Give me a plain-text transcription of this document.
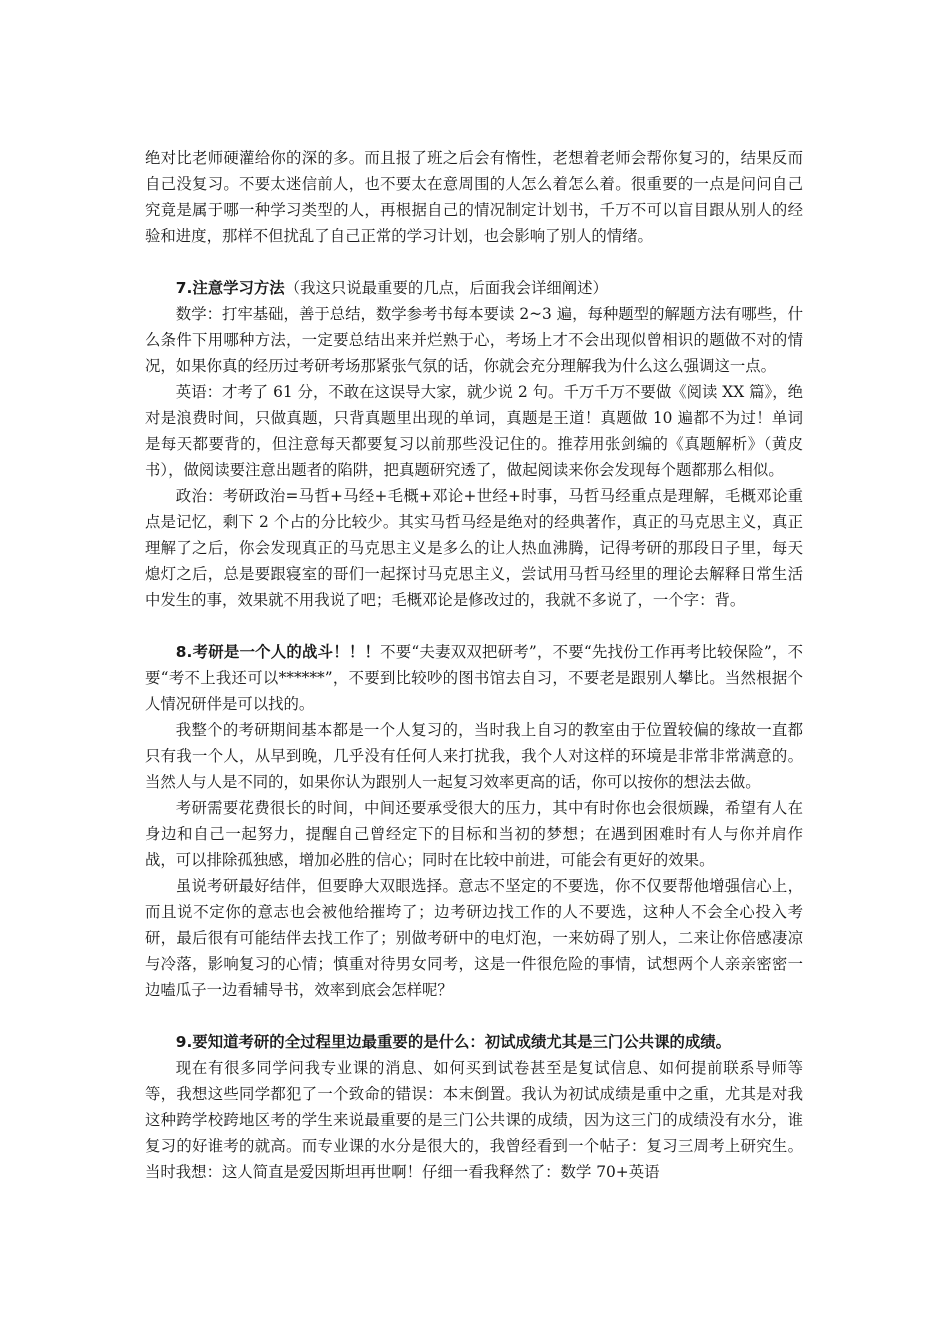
绝对比老师硬灌给你的深的多。而且报了班之后会有惰性，老想着老师会帮你复习的，结果反而自己没复习。不要太迷信前人，也不要太在意周围的人怎么着怎么着。很重要的一点是问问自己究竟是属于哪一种学习类型的人，再根据自己的情况制定计划书，千万不可以盲目跟从别人的经验和进度，那样不但扰乱了自己正常的学习计划，也会影响了别人的情绪。

7.注意学习方法（我这只说最重要的几点，后面我会详细阐述）

数学：打牢基础，善于总结，数学参考书每本要读 2~3 遍，每种题型的解题方法有哪些，什么条件下用哪种方法，一定要总结出来并烂熟于心，考场上才不会出现似曾相识的题做不对的情况，如果你真的经历过考研考场那紧张气氛的话，你就会充分理解我为什么这么强调这一点。

英语：才考了 61 分，不敢在这误导大家，就少说 2 句。千万千万不要做《阅读 XX 篇》，绝对是浪费时间，只做真题，只背真题里出现的单词，真题是王道！真题做 10 遍都不为过！单词是每天都要背的，但注意每天都要复习以前那些没记住的。推荐用张剑编的《真题解析》（黄皮书），做阅读要注意出题者的陷阱，把真题研究透了，做起阅读来你会发现每个题都那么相似。

政治：考研政治=马哲+马经+毛概+邓论+世经+时事，马哲马经重点是理解，毛概邓论重点是记忆，剩下 2 个占的分比较少。其实马哲马经是绝对的经典著作，真正的马克思主义，真正理解了之后，你会发现真正的马克思主义是多么的让人热血沸腾，记得考研的那段日子里，每天熄灯之后，总是要跟寝室的哥们一起探讨马克思主义，尝试用马哲马经里的理论去解释日常生活中发生的事，效果就不用我说了吧；毛概邓论是修改过的，我就不多说了，一个字：背。

8.考研是一个人的战斗！！！不要“夫妻双双把研考”，不要“先找份工作再考比较保险”，不要“考不上我还可以******”，不要到比较吵的图书馆去自习，不要老是跟别人攀比。当然根据个人情况研伴是可以找的。

我整个的考研期间基本都是一个人复习的，当时我上自习的教室由于位置较偏的缘故一直都只有我一个人，从早到晚，几乎没有任何人来打扰我，我个人对这样的环境是非常非常满意的。当然人与人是不同的，如果你认为跟别人一起复习效率更高的话，你可以按你的想法去做。

考研需要花费很长的时间，中间还要承受很大的压力，其中有时你也会很烦躁，希望有人在身边和自己一起努力，提醒自己曾经定下的目标和当初的梦想；在遇到困难时有人与你并肩作战，可以排除孤独感，增加必胜的信心；同时在比较中前进，可能会有更好的效果。

虽说考研最好结伴，但要睁大双眼选择。意志不坚定的不要选，你不仅要帮他增强信心上，而且说不定你的意志也会被他给摧垮了；边考研边找工作的人不要选，这种人不会全心投入考研，最后很有可能结伴去找工作了；别做考研中的电灯泡，一来妨碍了别人，二来让你倍感凄凉与冷落，影响复习的心情；慎重对待男女同考，这是一件很危险的事情，试想两个人亲亲密密一边嗑瓜子一边看辅导书，效率到底会怎样呢？

9.要知道考研的全过程里边最重要的是什么：初试成绩尤其是三门公共课的成绩。

现在有很多同学问我专业课的消息、如何买到试卷甚至是复试信息、如何提前联系导师等等，我想这些同学都犯了一个致命的错误：本末倒置。我认为初试成绩是重中之重，尤其是对我这种跨学校跨地区考的学生来说最重要的是三门公共课的成绩，因为这三门的成绩没有水分，谁复习的好谁考的就高。而专业课的水分是很大的，我曾经看到一个帖子：复习三周考上研究生。当时我想：这人简直是爱因斯坦再世啊！仔细一看我释然了：数学 70+英语
